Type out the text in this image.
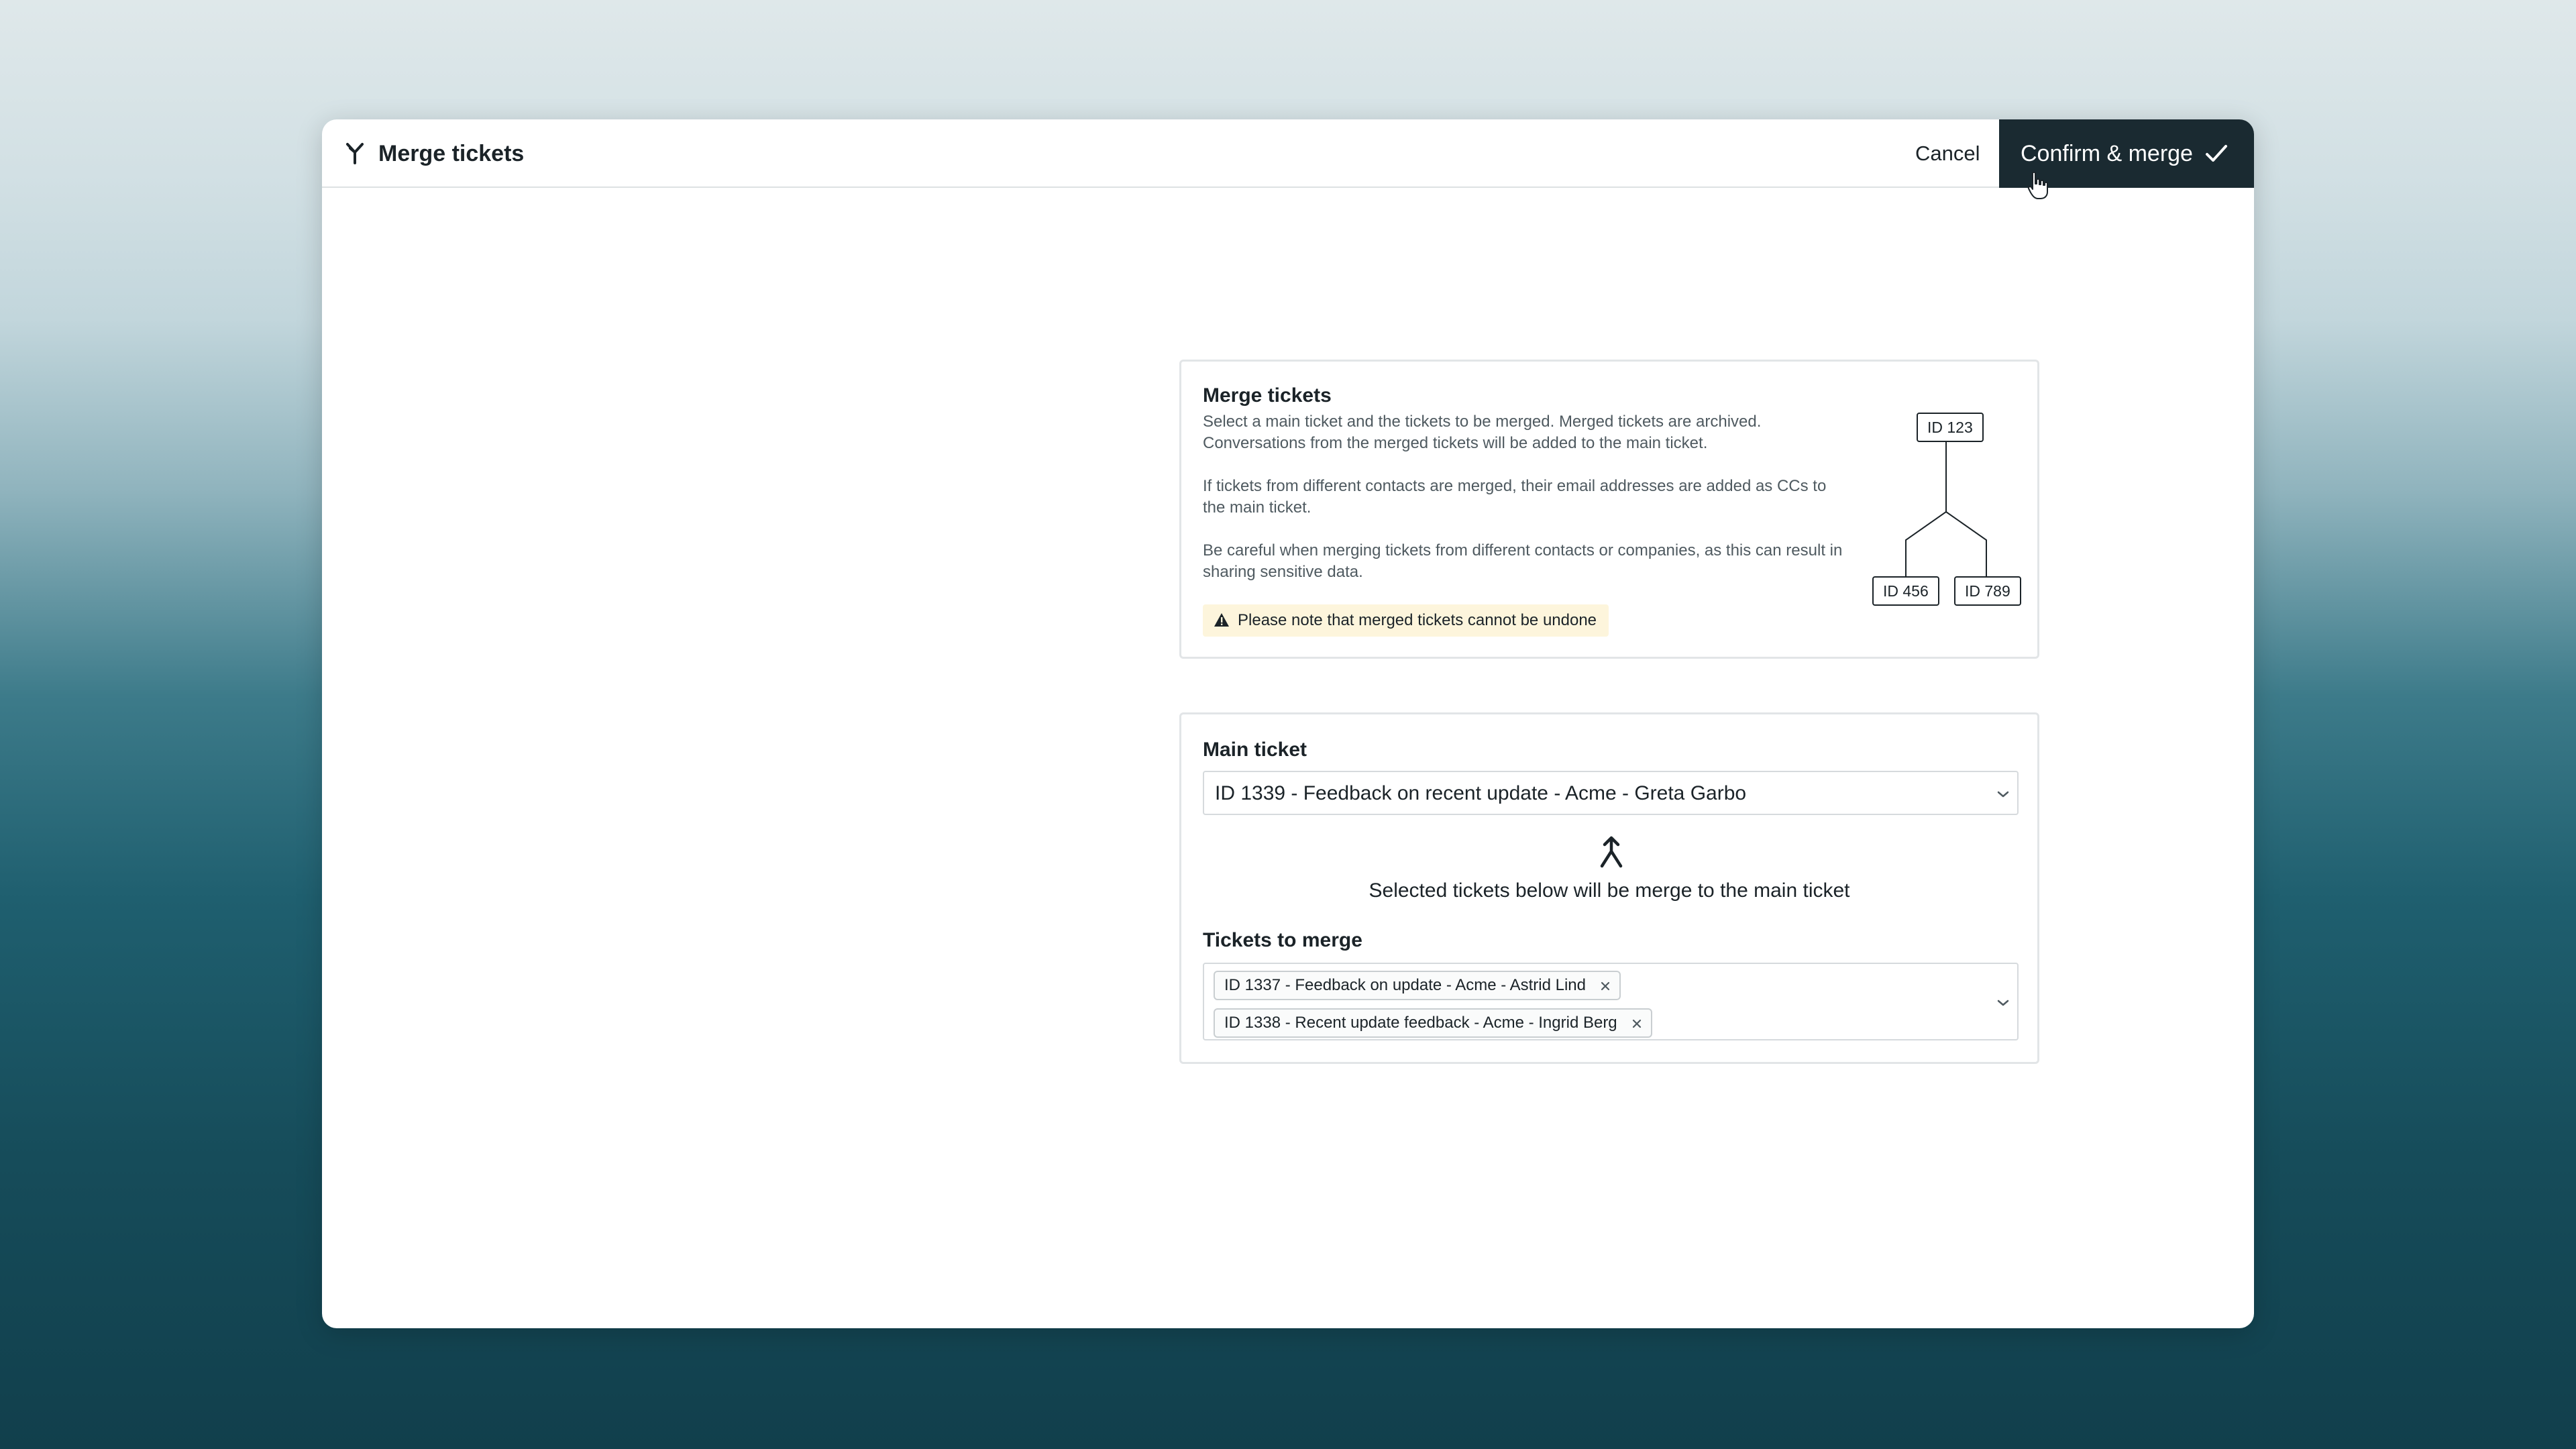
Merge tickets	Cancel Confirm & merge
Merge tickets
Select a main ticket and the tickets to be merged. Merged tickets are archived. Conversations from the merged tickets will be added to the main ticket.
If tickets from different contacts are merged, their email addresses are added as CCs to the main ticket.
Be careful when merging tickets from different contacts or companies, as this can result in sharing sensitive data.
Please note that merged tickets cannot be undone
ID 123
ID 456	ID 789
Main ticket
ID 1339 - Feedback on recent update - Acme - Greta Garbo
Selected tickets below will be merge to the main ticket
Tickets to merge
ID 1337 - Feedback on update - Acme - Astrid Lind
ID 1338 - Recent update feedback - Acme - Ingrid Berg
